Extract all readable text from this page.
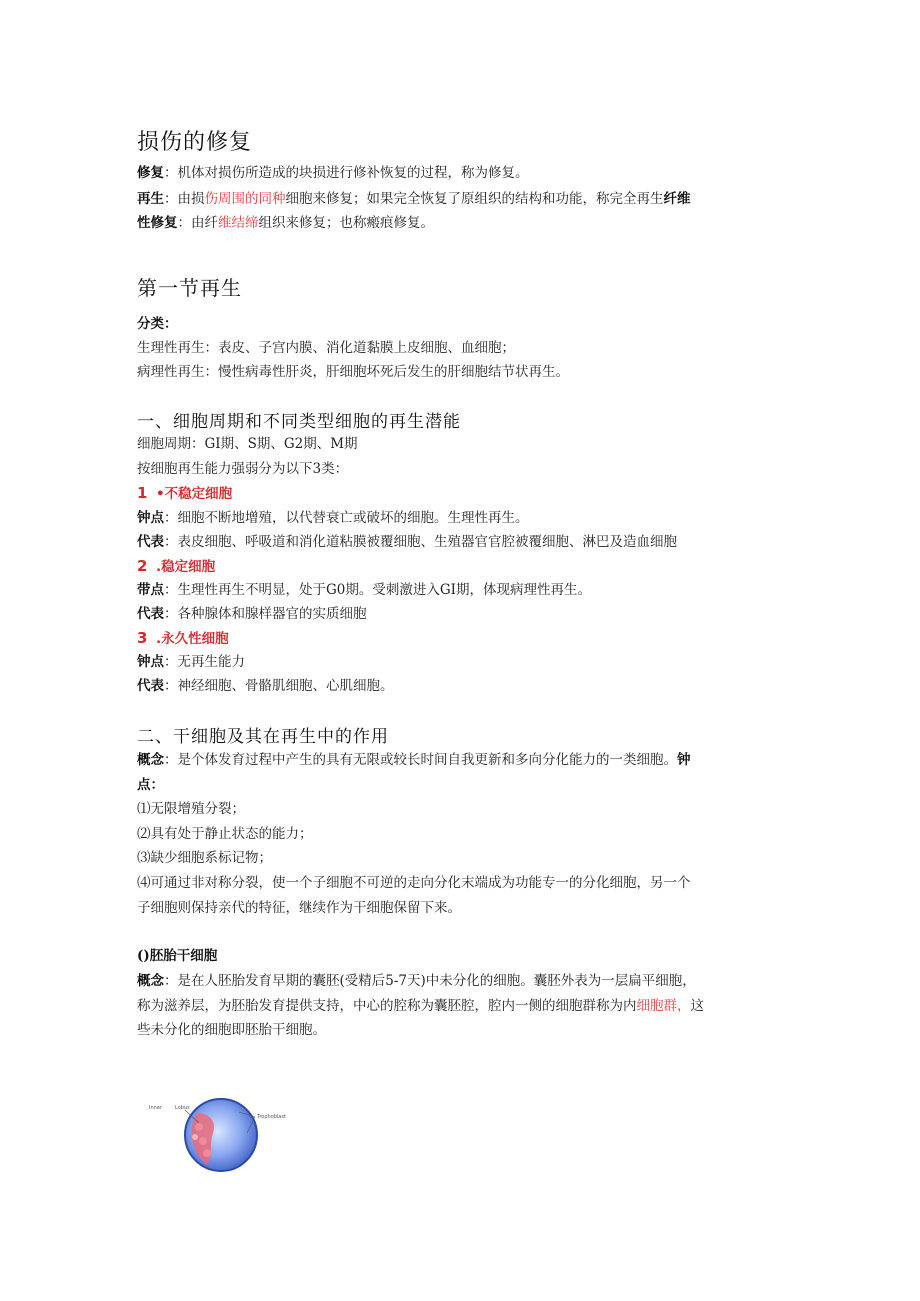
损伤的修复
修复：机体对损伤所造成的块损进行修补恢复的过程，称为修复。
再生：由损伤周围的同种细胞来修复；如果完全恢复了原组织的结构和功能，称完全再生纤维
性修复：由纤维结缔组织来修复；也称瘢痕修复。
第一节再生
分类：
生理性再生：表皮、子宫内膜、消化道黏膜上皮细胞、血细胞；
病理性再生：慢性病毒性肝炎，肝细胞坏死后发生的肝细胞结节状再生。
一、细胞周期和不同类型细胞的再生潜能
细胞周期：GI期、S期、G2期、M期
按细胞再生能力强弱分为以下3类：
1 •不稳定细胞
钟点：细胞不断地增殖，以代替衰亡或破坏的细胞。生理性再生。
代表：表皮细胞、呼吸道和消化道粘膜被覆细胞、生殖器官官腔被覆细胞、淋巴及造血细胞
2 .稳定细胞
带点：生理性再生不明显，处于G0期。受刺激进入GI期，体现病理性再生。
代表：各种腺体和腺样器官的实质细胞
3 .永久性细胞
钟点：无再生能力
代表：神经细胞、骨骼肌细胞、心肌细胞。
二、干细胞及其在再生中的作用
概念：是个体发育过程中产生的具有无限或较长时间自我更新和多向分化能力的一类细胞。钟
点：
⑴无限增殖分裂；
⑵具有处于静止状态的能力；
⑶缺少细胞系标记物；
⑷可通过非对称分裂，使一个子细胞不可逆的走向分化末端成为功能专一的分化细胞，另一个
子细胞则保持亲代的特征，继续作为干细胞保留下来。
()胚胎干细胞
概念：是在人胚胎发育早期的囊胚(受精后5-7天)中未分化的细胞。囊胚外表为一层扁平细胞，
称为滋养层，为胚胎发育提供支持，中心的腔称为囊胚腔，腔内一侧的细胞群称为内细胞群，这
些未分化的细胞即胚胎干细胞。
Inner	Lobus
Trophoblast
